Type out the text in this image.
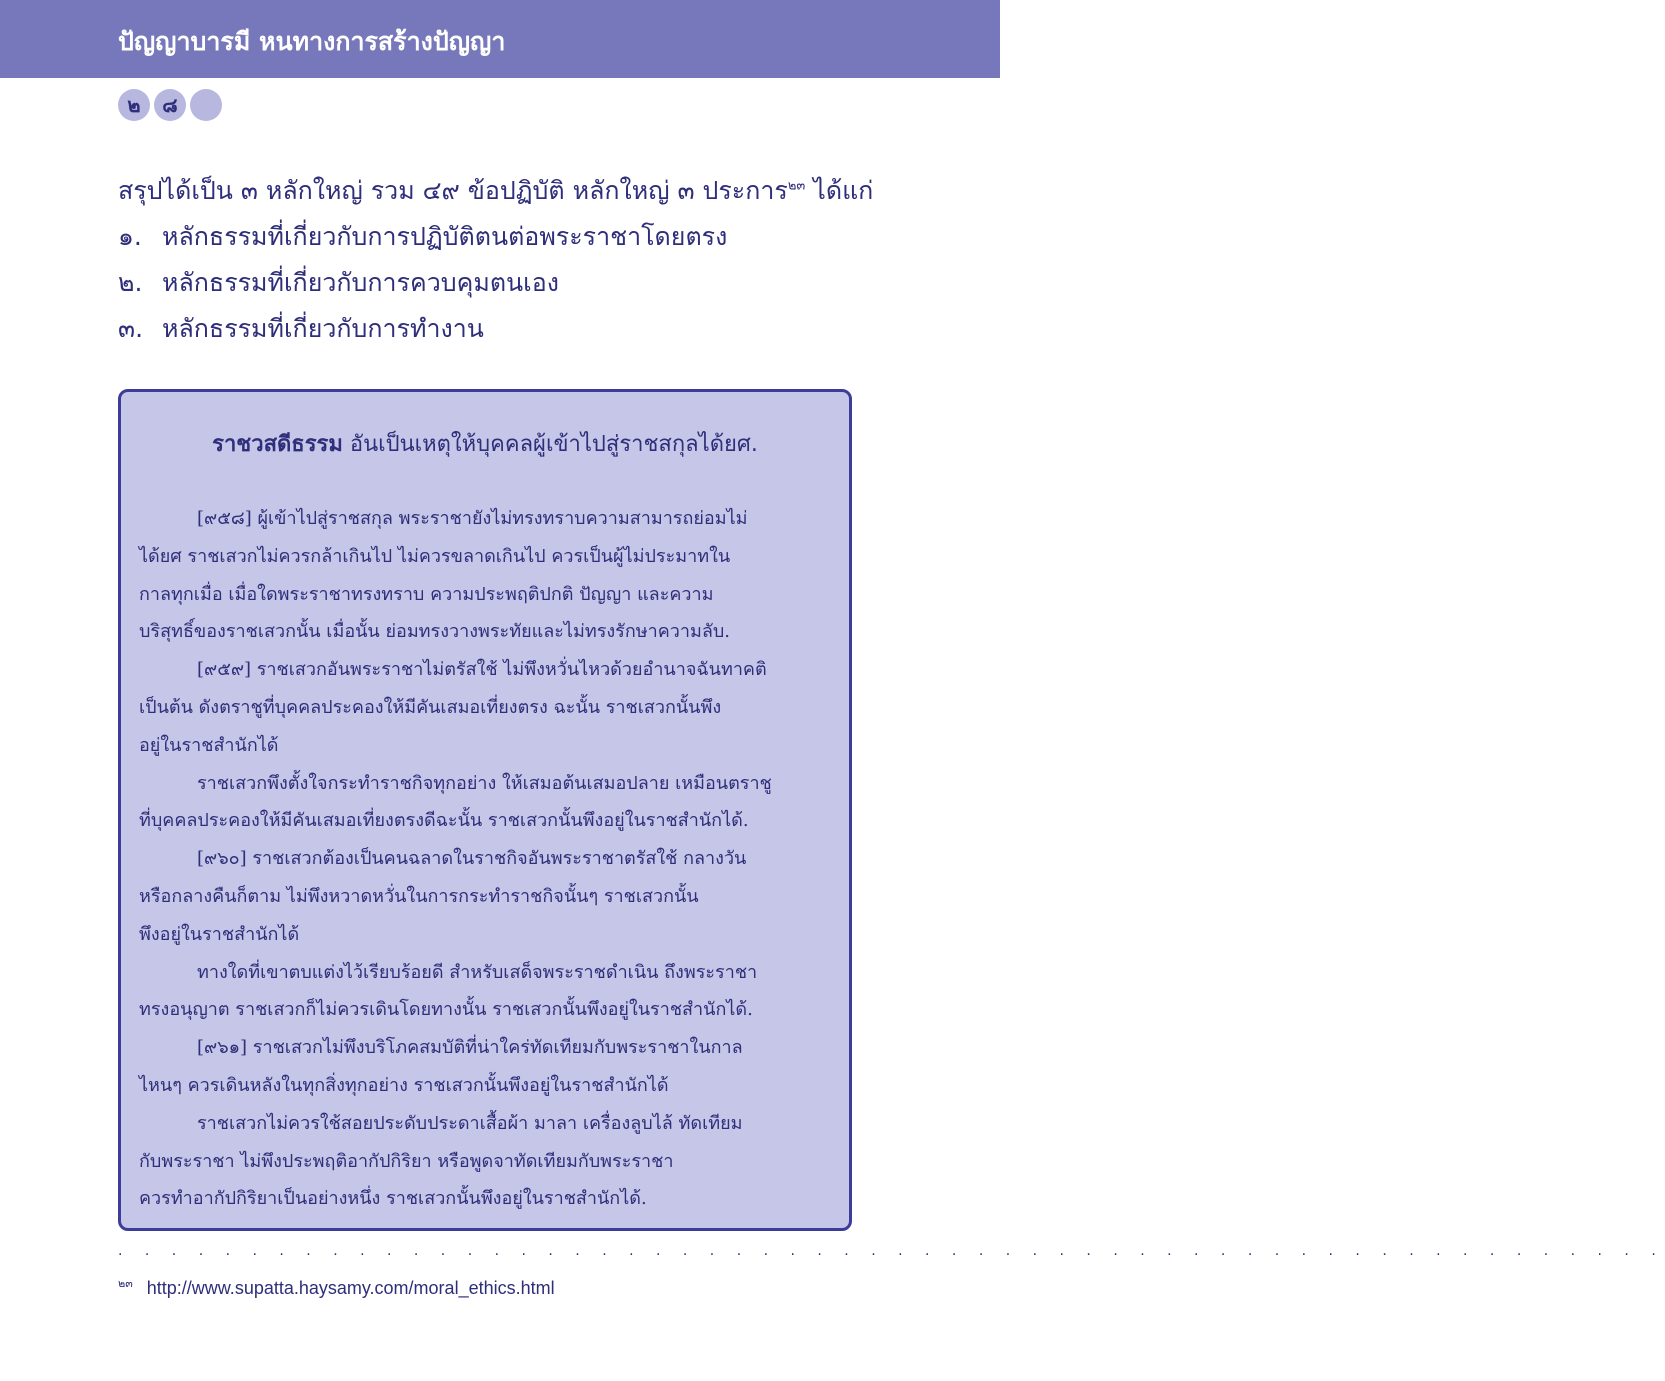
ปัญญาบารมี หนทางการสร้างปัญญา
๒ ๘
สรุปได้เป็น ๓ หลักใหญ่ รวม ๔๙ ข้อปฏิบัติ หลักใหญ่ ๓ ประการ$^{๒๓}$ ได้แก่
๑. หลักธรรมที่เกี่ยวกับการปฏิบัติตนต่อพระราชาโดยตรง
๒. หลักธรรมที่เกี่ยวกับการควบคุมตนเอง
๓. หลักธรรมที่เกี่ยวกับการทำงาน
ราชวสดีธรรม อันเป็นเหตุให้บุคคลผู้เข้าไปสู่ราชสกุลได้ยศ.
[๙๕๘] ผู้เข้าไปสู่ราชสกุล พระราชายังไม่ทรงทราบความสามารถย่อมไม่
ได้ยศ ราชเสวกไม่ควรกล้าเกินไป ไม่ควรขลาดเกินไป ควรเป็นผู้ไม่ประมาทใน
กาลทุกเมื่อ เมื่อใดพระราชาทรงทราบ ความประพฤติปกติ ปัญญา และความ
บริสุทธิ์ของราชเสวกนั้น เมื่อนั้น ย่อมทรงวางพระทัยและไม่ทรงรักษาความลับ.
[๙๕๙] ราชเสวกอันพระราชาไม่ตรัสใช้ ไม่พึงหวั่นไหวด้วยอำนาจฉันทาคติ
เป็นต้น ดังตราชูที่บุคคลประคองให้มีคันเสมอเที่ยงตรง ฉะนั้น ราชเสวกนั้นพึง
อยู่ในราชสำนักได้
ราชเสวกพึงตั้งใจกระทำราชกิจทุกอย่าง ให้เสมอต้นเสมอปลาย เหมือนตราชู
ที่บุคคลประคองให้มีคันเสมอเที่ยงตรงดีฉะนั้น ราชเสวกนั้นพึงอยู่ในราชสำนักได้.
[๙๖๐] ราชเสวกต้องเป็นคนฉลาดในราชกิจอันพระราชาตรัสใช้ กลางวัน
หรือกลางคืนก็ตาม ไม่พึงหวาดหวั่นในการกระทำราชกิจนั้นๆ ราชเสวกนั้น
พึงอยู่ในราชสำนักได้
ทางใดที่เขาตบแต่งไว้เรียบร้อยดี สำหรับเสด็จพระราชดำเนิน ถึงพระราชา
ทรงอนุญาต ราชเสวกก็ไม่ควรเดินโดยทางนั้น ราชเสวกนั้นพึงอยู่ในราชสำนักได้.
[๙๖๑] ราชเสวกไม่พึงบริโภคสมบัติที่น่าใคร่ทัดเทียมกับพระราชาในกาล
ไหนๆ ควรเดินหลังในทุกสิ่งทุกอย่าง ราชเสวกนั้นพึงอยู่ในราชสำนักได้
ราชเสวกไม่ควรใช้สอยประดับประดาเสื้อผ้า มาลา เครื่องลูบไล้ ทัดเทียม
กับพระราชา ไม่พึงประพฤติอากัปกิริยา หรือพูดจาทัดเทียมกับพระราชา
ควรทำอากัปกิริยาเป็นอย่างหนึ่ง ราชเสวกนั้นพึงอยู่ในราชสำนักได้.
. . . . . . . . . . . . . . . . . . . . . . . . . . . . . . . . . . . . . . . . . . . . . . . . . . . . . . . . . .
$^{๒๓}$ http://www.supatta.haysamy.com/moral_ethics.html
